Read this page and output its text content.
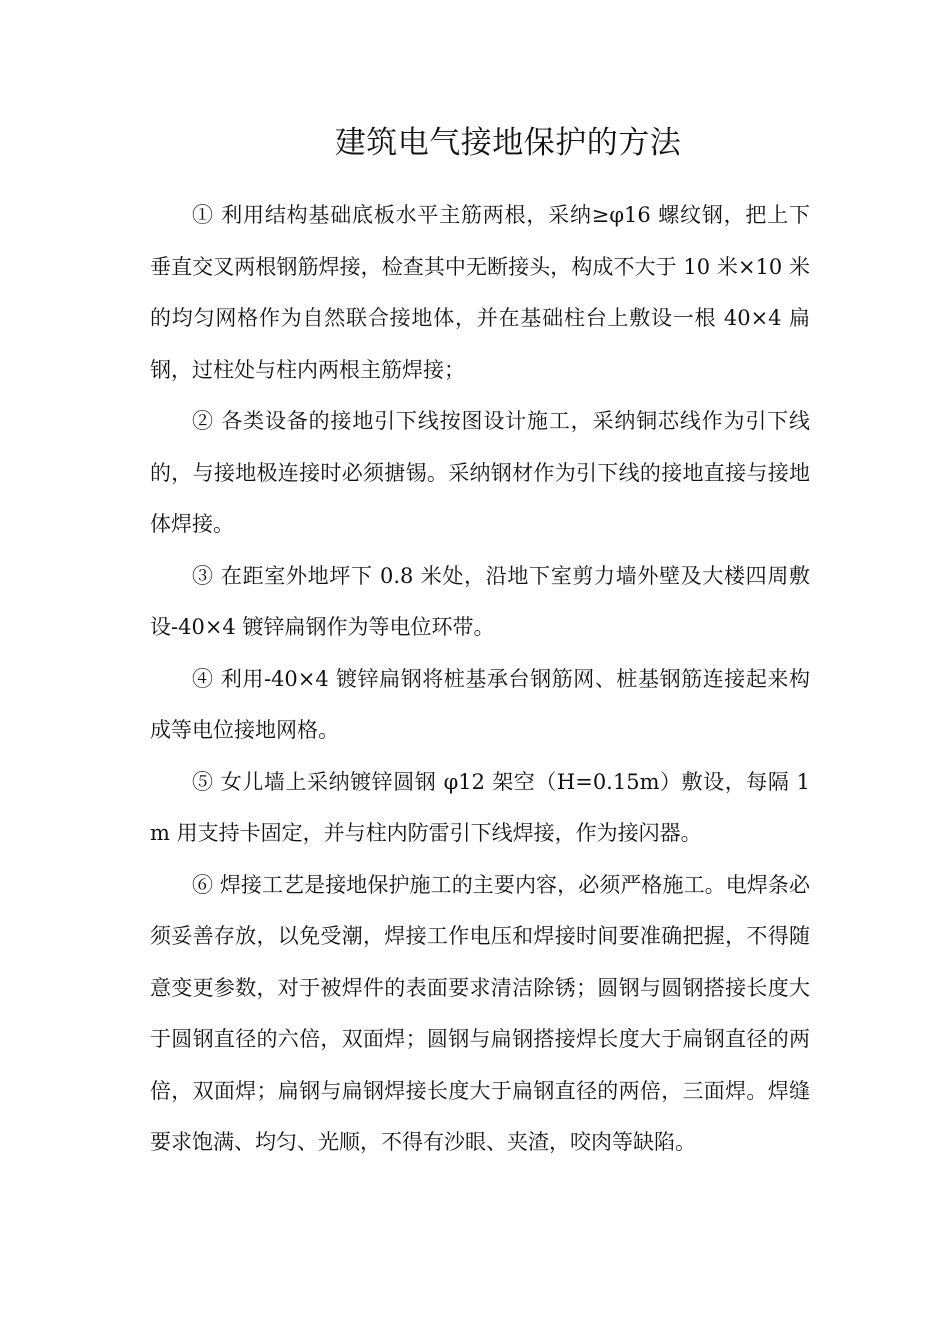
建筑电气接地保护的方法

① 利用结构基础底板水平主筋两根，采纳≥φ16 螺纹钢，把上下垂直交叉两根钢筋焊接，检查其中无断接头，构成不大于 10 米×10 米的均匀网格作为自然联合接地体，并在基础柱台上敷设一根 40×4 扁钢，过柱处与柱内两根主筋焊接；

② 各类设备的接地引下线按图设计施工，采纳铜芯线作为引下线的，与接地极连接时必须搪锡。采纳钢材作为引下线的接地直接与接地体焊接。

③ 在距室外地坪下 0.8 米处，沿地下室剪力墙外壁及大楼四周敷设-40×4 镀锌扁钢作为等电位环带。

④ 利用-40×4 镀锌扁钢将桩基承台钢筋网、桩基钢筋连接起来构成等电位接地网格。

⑤ 女儿墙上采纳镀锌圆钢 φ12 架空（H=0.15m）敷设，每隔 1m 用支持卡固定，并与柱内防雷引下线焊接，作为接闪器。

⑥ 焊接工艺是接地保护施工的主要内容，必须严格施工。电焊条必须妥善存放，以免受潮，焊接工作电压和焊接时间要准确把握，不得随意变更参数，对于被焊件的表面要求清洁除锈；圆钢与圆钢搭接长度大于圆钢直径的六倍，双面焊；圆钢与扁钢搭接焊长度大于扁钢直径的两倍，双面焊；扁钢与扁钢焊接长度大于扁钢直径的两倍，三面焊。焊缝要求饱满、均匀、光顺，不得有沙眼、夹渣，咬肉等缺陷。
